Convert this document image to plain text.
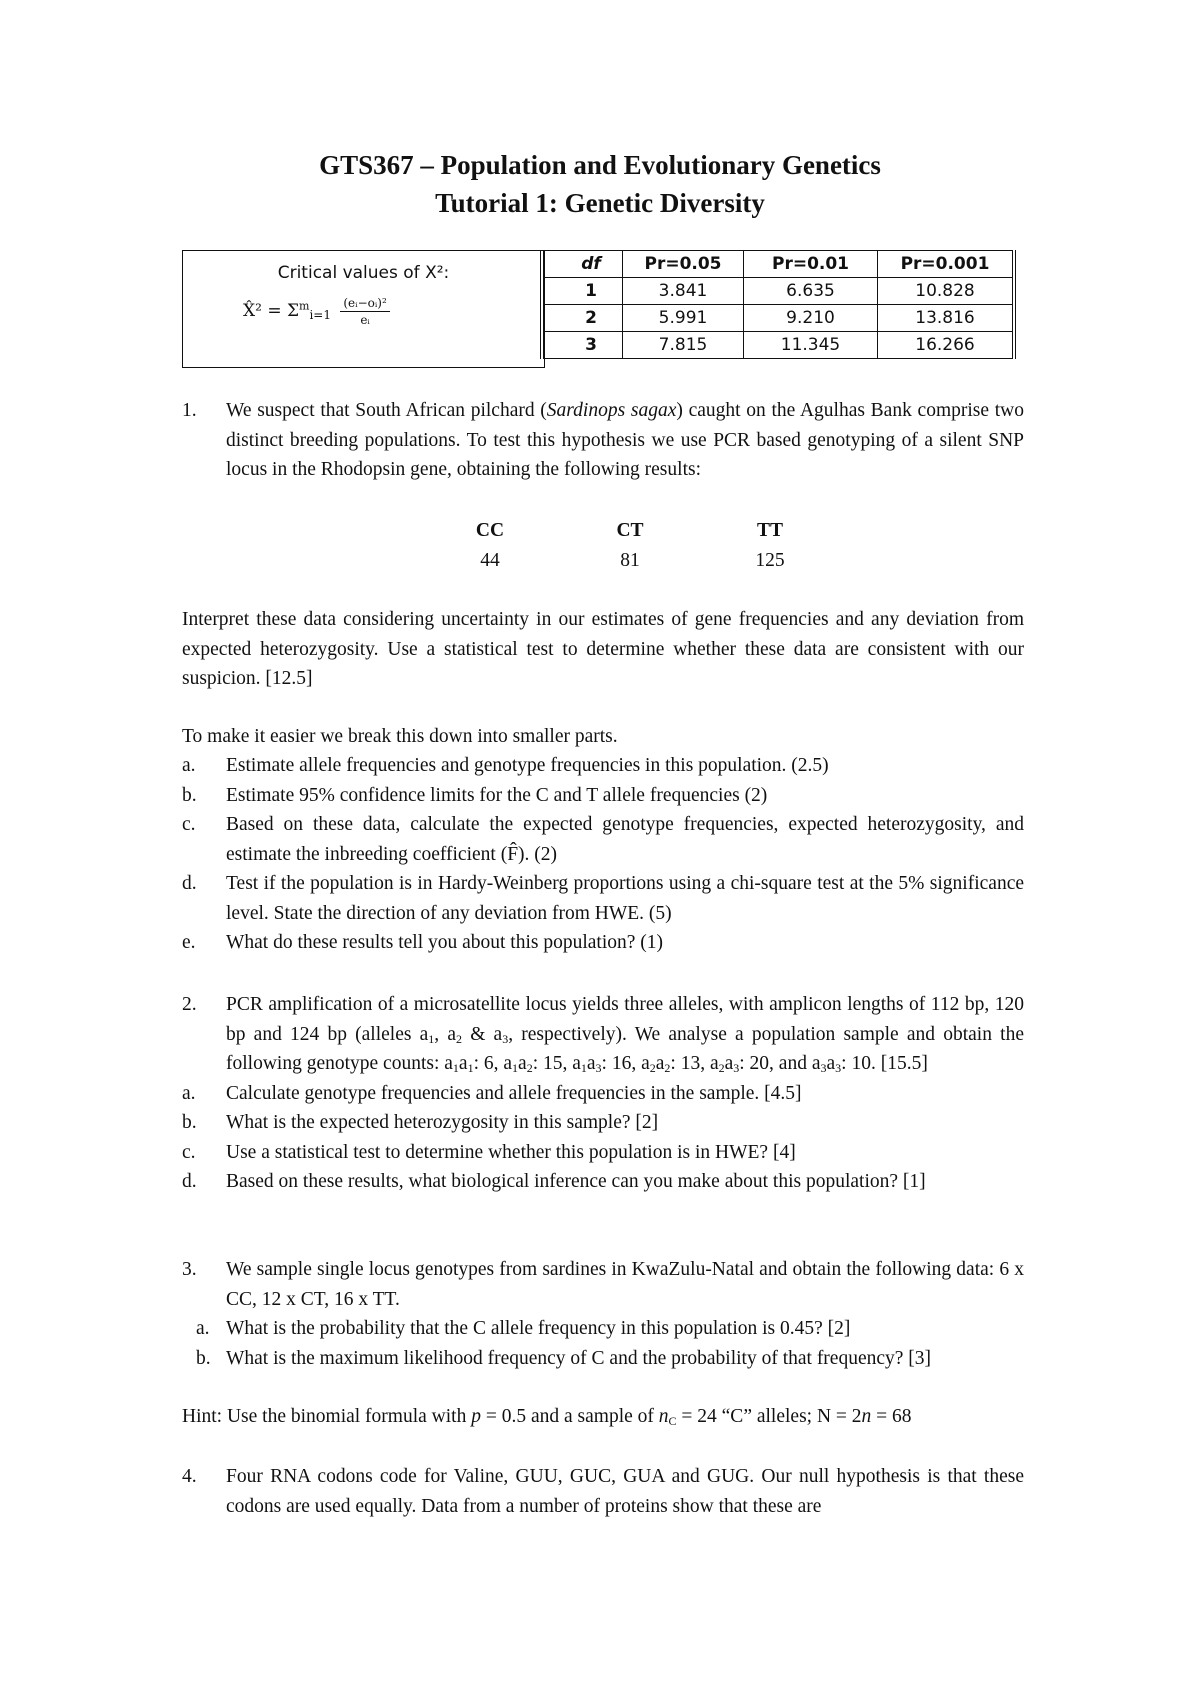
GTS367 – Population and Evolutionary Genetics
Tutorial 1: Genetic Diversity
Critical values of X²:
X̂² = $\Sigma^m_{i=1} \frac{\text{(eᵢ−oᵢ)²}}{\text{eᵢ}}$
df	Pr=0.05	Pr=0.01	Pr=0.001
1	3.841	6.635	10.828
2	5.991	9.210	13.816
3	7.815	11.345	16.266
1. We suspect that South African pilchard (Sardinops sagax) caught on the Agulhas Bank comprise two distinct breeding populations. To test this hypothesis we use PCR based genotyping of a silent SNP locus in the Rhodopsin gene, obtaining the following results:
CC	CT	TT
44	81	125

Interpret these data considering uncertainty in our estimates of gene frequencies and any deviation from expected heterozygosity. Use a statistical test to determine whether these data are consistent with our suspicion. [12.5]

To make it easier we break this down into smaller parts.

a. Estimate allele frequencies and genotype frequencies in this population. (2.5)
b. Estimate 95% confidence limits for the C and T allele frequencies (2)
c. Based on these data, calculate the expected genotype frequencies, expected heterozygosity, and estimate the inbreeding coefficient (F̂). (2)
d. Test if the population is in Hardy-Weinberg proportions using a chi-square test at the 5% significance level. State the direction of any deviation from HWE. (5)
e. What do these results tell you about this population? (1)
2. PCR amplification of a microsatellite locus yields three alleles, with amplicon lengths of 112 bp, 120 bp and 124 bp (alleles $a_1$, $a_2$ & $a_3$, respectively). We analyse a population sample and obtain the following genotype counts: $a_1a_1$: 6, $a_1a_2$: 15, $a_1a_3$: 16, $a_2a_2$: 13, $a_2a_3$: 20, and $a_3a_3$: 10. [15.5]
a. Calculate genotype frequencies and allele frequencies in the sample. [4.5]
b. What is the expected heterozygosity in this sample? [2]
c. Use a statistical test to determine whether this population is in HWE? [4]
d. Based on these results, what biological inference can you make about this population? [1]
3. We sample single locus genotypes from sardines in KwaZulu-Natal and obtain the following data: 6 x CC, 12 x CT, 16 x TT.
a. What is the probability that the C allele frequency in this population is 0.45? [2]
b. What is the maximum likelihood frequency of C and the probability of that frequency? [3]

Hint: Use the binomial formula with p = 0.5 and a sample of $n_C = 24$ “C” alleles; N = 2n = 68

4. Four RNA codons code for Valine, GUU, GUC, GUA and GUG. Our null hypothesis is that these codons are used equally. Data from a number of proteins show that these are
